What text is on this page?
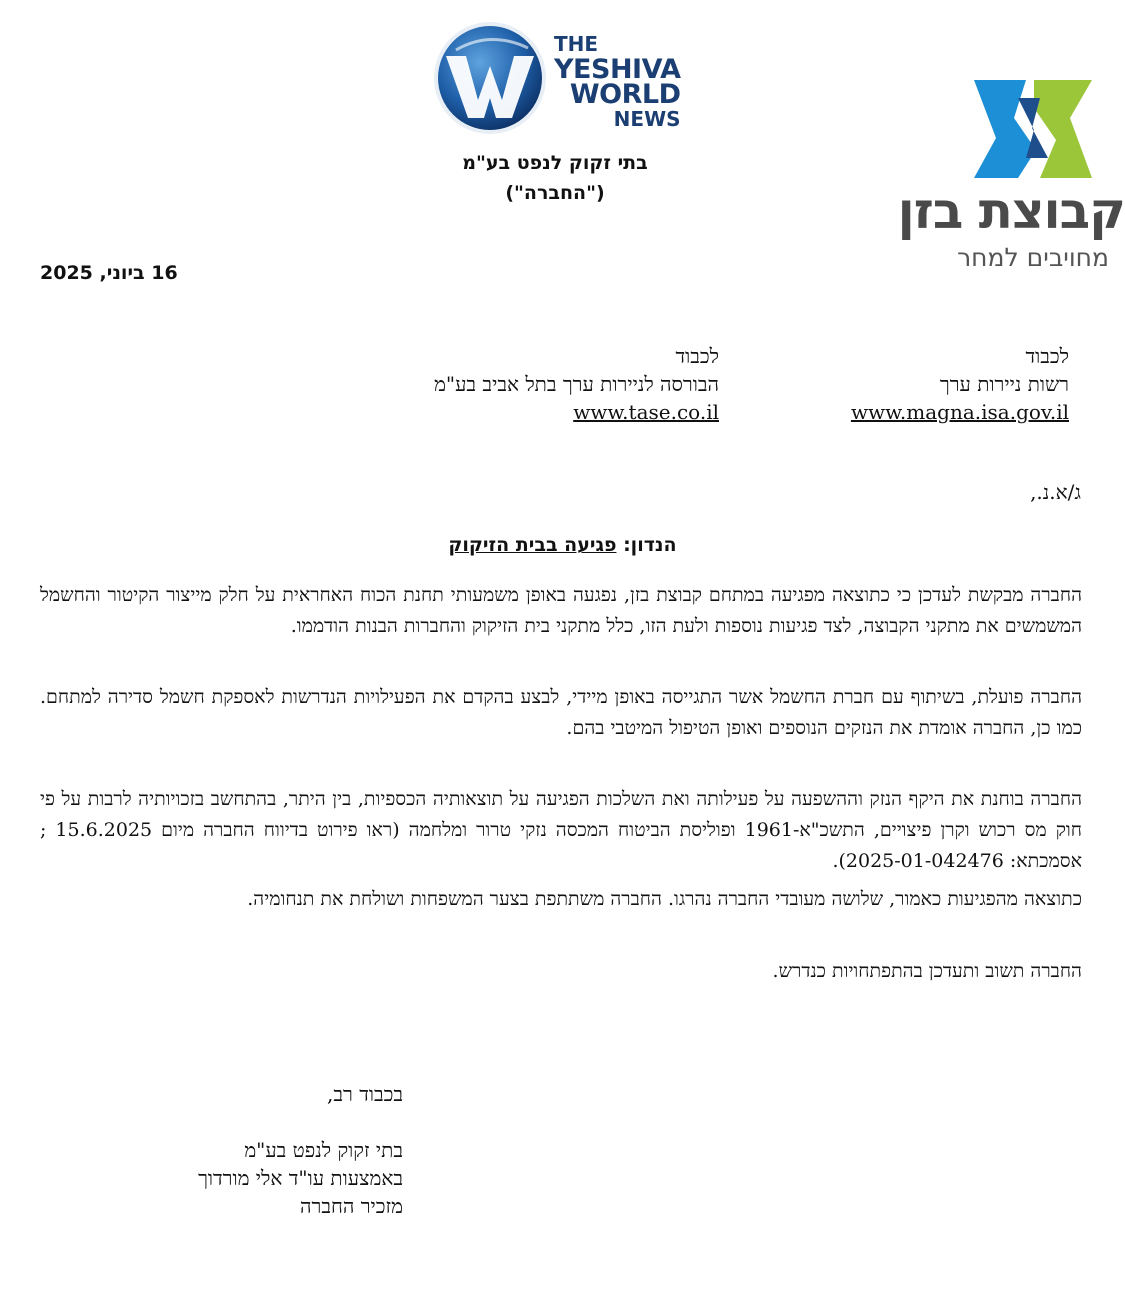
THE
YESHIVA
WORLD
NEWS
קבוצת בזן
מחויבים למחר
בתי זקוק לנפט בע"מ
("החברה")
16 ביוני, 2025
לכבוד
רשות ניירות ערך
www.magna.isa.gov.il
לכבוד
הבורסה לניירות ערך בתל אביב בע"מ
www.tase.co.il
ג/א.נ.,
הנדון: פגיעה בבית הזיקוק
החברה מבקשת לעדכן כי כתוצאה מפגיעה במתחם קבוצת בזן, נפגעה באופן משמעותי תחנת הכוח האחראית על חלק מייצור הקיטור והחשמל המשמשים את מתקני הקבוצה, לצד פגיעות נוספות ולעת הזו, כלל מתקני בית הזיקוק והחברות הבנות הודממו.
החברה פועלת, בשיתוף עם חברת החשמל אשר התגייסה באופן מיידי, לבצע בהקדם את הפעילויות הנדרשות לאספקת חשמל סדירה למתחם. כמו כן, החברה אומדת את הנזקים הנוספים ואופן הטיפול המיטבי בהם.
החברה בוחנת את היקף הנזק וההשפעה על פעילותה ואת השלכות הפגיעה על תוצאותיה הכספיות, בין היתר, בהתחשב בזכויותיה לרבות על פי חוק מס רכוש וקרן פיצויים, התשכ"א-1961 ופוליסת הביטוח המכסה נזקי טרור ומלחמה (ראו פירוט בדיווח החברה מיום 15.6.2025 ; אסמכתא: 2025-01-042476).
כתוצאה מהפגיעות כאמור, שלושה מעובדי החברה נהרגו. החברה משתתפת בצער המשפחות ושולחת את תנחומיה.
החברה תשוב ותעדכן בהתפתחויות כנדרש.
בכבוד רב,
בתי זקוק לנפט בע"מ
באמצעות עו"ד אלי מורדוך
מזכיר החברה
